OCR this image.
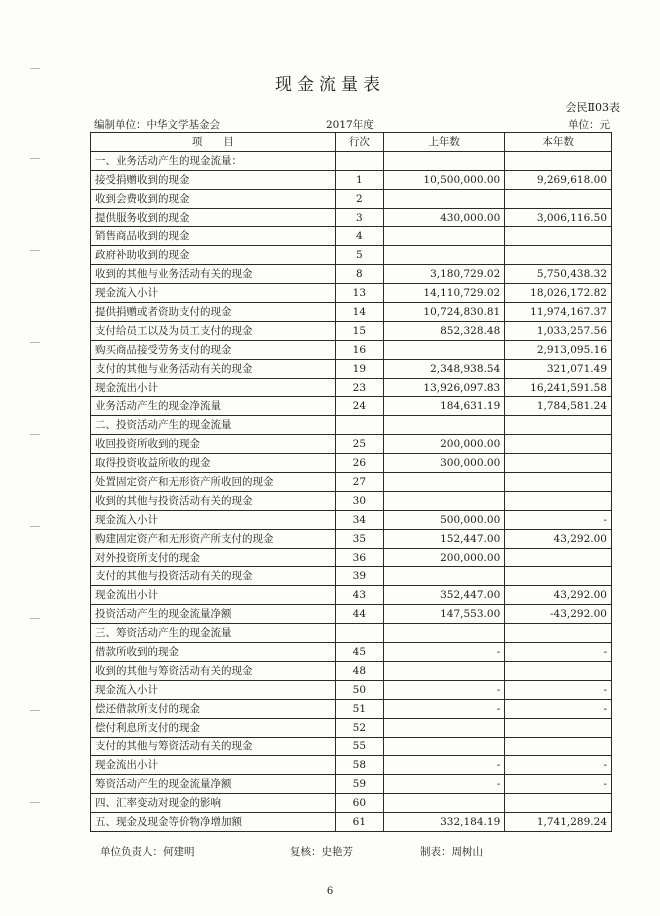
现金流量表
会民Ⅱ03表
编制单位：中华文学基金会	2017年度	单位：元
项　　目	行次	上年数	本年数
一、业务活动产生的现金流量：			
接受捐赠收到的现金	1	10,500,000.00	9,269,618.00
收到会费收到的现金	2		
提供服务收到的现金	3	430,000.00	3,006,116.50
销售商品收到的现金	4		
政府补助收到的现金	5		
收到的其他与业务活动有关的现金	8	3,180,729.02	5,750,438.32
现金流入小计	13	14,110,729.02	18,026,172.82
提供捐赠或者资助支付的现金	14	10,724,830.81	11,974,167.37
支付给员工以及为员工支付的现金	15	852,328.48	1,033,257.56
购买商品接受劳务支付的现金	16		2,913,095.16
支付的其他与业务活动有关的现金	19	2,348,938.54	321,071.49
现金流出小计	23	13,926,097.83	16,241,591.58
业务活动产生的现金净流量	24	184,631.19	1,784,581.24
二、投资活动产生的现金流量			
收回投资所收到的现金	25	200,000.00	
取得投资收益所收的现金	26	300,000.00	
处置固定资产和无形资产所收回的现金	27		
收到的其他与投资活动有关的现金	30		
现金流入小计	34	500,000.00	-
购建固定资产和无形资产所支付的现金	35	152,447.00	43,292.00
对外投资所支付的现金	36	200,000.00	
支付的其他与投资活动有关的现金	39		
现金流出小计	43	352,447.00	43,292.00
投资活动产生的现金流量净额	44	147,553.00	-43,292.00
三、筹资活动产生的现金流量			
借款所收到的现金	45	-	-
收到的其他与筹资活动有关的现金	48		
现金流入小计	50	-	-
偿还借款所支付的现金	51	-	-
偿付利息所支付的现金	52		
支付的其他与筹资活动有关的现金	55		
现金流出小计	58	-	-
筹资活动产生的现金流量净额	59	-	-
四、汇率变动对现金的影响	60		
五、现金及现金等价物净增加额	61	332,184.19	1,741,289.24
单位负责人：何建明	复核：史艳芳	制表：周树山
6
